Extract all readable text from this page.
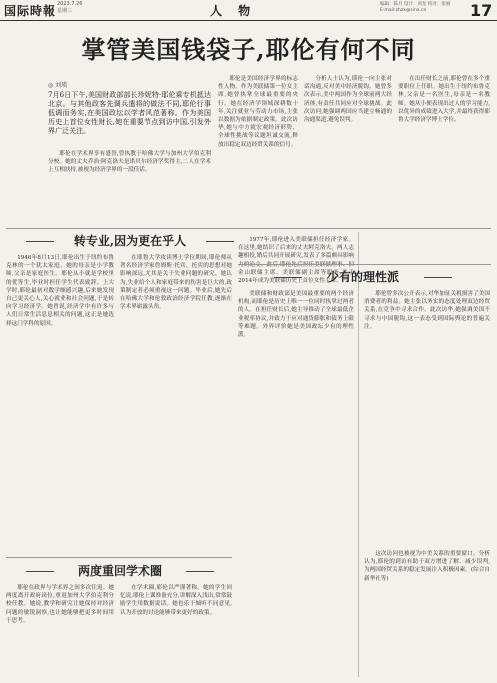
国际時報 2023.7.26
星期三	人 物	编辑：陈月 设计：刘龙 校对：张丽
E-mail:zhzx@sina.cn	17
掌管美国钱袋子,耶伦有何不同
◎ 刘瑛
7月6日下午,美国财政部部长珍妮特·耶伦乘专机抵达北京。与其他政客先调兵遣将的做法不同,耶伦行事低调而务实,在美国政坛以学者风范著称。作为美国历史上首位女性财长,她在重要节点到访中国,引发外界广泛关注。

耶伦是美国经济学界的标志性人物。作为美联储第一位女主席,她曾执掌全球最重要的央行。她在经济学领域深耕数十年,关注就业与劳动力市场,主张以数据为依据制定政策。此次访华,她与中方就宏观经济形势、全球性挑战等议题坦诚交流,释放出稳定双边经贸关系的信号。

分析人士认为,耶伦一向主张对话沟通,反对美中经济脱钩。她曾多次表示,美中两国作为全球前两大经济体,有责任共同应对全球挑战。此次访问,她强调两国应当建立畅通的沟通渠道,避免误判。

在出任财长之前,耶伦曾在多个重要职位上任职。她出生于纽约布鲁克林,父亲是一名医生,母亲是一名教师。她从小便表现出过人的学习能力,以优异的成绩进入大学,并最终获得耶鲁大学经济学博士学位。

耶伦在学术界享有盛誉,曾执教于哈佛大学与加州大学伯克利分校。她的丈夫乔治·阿克洛夫是诺贝尔经济学奖得主,二人在学术上互相扶持,被视为经济学界的一段佳话。

转专业,因为更在乎人

1946年8月13日,耶伦出生于纽约布鲁克林的一个犹太家庭。她的母亲是小学教师,父亲是家庭医生。耶伦从小就是学校里的优等生,毕业时担任学生代表致辞。上大学时,耶伦最初对数学颇感兴趣,后来她发现自己更关心人,关心就业和社会问题,于是转向学习经济学。她曾说,经济学中有许多与人们日常生活息息相关的问题,这正是她选择这门学科的原因。

在耶鲁大学攻读博士学位期间,耶伦师从著名经济学家詹姆斯·托宾。托宾的思想对她影响深远,尤其是关于失业问题的研究。她认为,失业给个人和家庭带来的伤害是巨大的,政策制定者必须重视这一问题。毕业后,她先后在哈佛大学和伦敦政治经济学院任教,逐渐在学术界崭露头角。

1977年,耶伦进入美联储担任经济学家。在这里,她结识了后来的丈夫阿克洛夫。两人志趣相投,婚后共同开展研究,发表了多篇颇具影响力的论文。此后,耶伦先后担任美联储理事、旧金山联储主席、美联储副主席等职务,并于2014年成为美联储历史上首位女性主席。

少有的理性派

美联储和财政部是美国最重要的两个经济机构,而耶伦是历史上唯一一位同时执掌过两者的人。在担任财长后,她主导推动了全球最低企业税率协议,并致力于应对通货膨胀和债务上限等难题。外界评价她是美国政坛少有的理性派。

耶伦曾多次公开表示,对华加征关税损害了美国消费者的利益。她主张以务实的态度处理双边经贸关系,在竞争中寻求合作。此次访华,她强调美国不寻求与中国脱钩,这一表态受到国际舆论的普遍关注。

这次访问也被视为中美关系的重要窗口。分析认为,耶伦的到访有助于双方增进了解、减少误判,为两国经贸关系的稳定发展注入积极因素。(综合自新华社等)

两度重回学术圈

耶伦在政界与学术界之间多次往返。她两度离开政府岗位,重返加州大学伯克利分校任教。她说,教学和研究让她保持对经济问题的敏锐洞察,也让她能够把更多时间用于思考。

在学术圈,耶伦以严谨著称。她的学生回忆说,耶伦上课准备充分,讲解深入浅出,常常鼓励学生用数据说话。她也乐于倾听不同意见,认为开放的讨论能够带来更好的政策。
